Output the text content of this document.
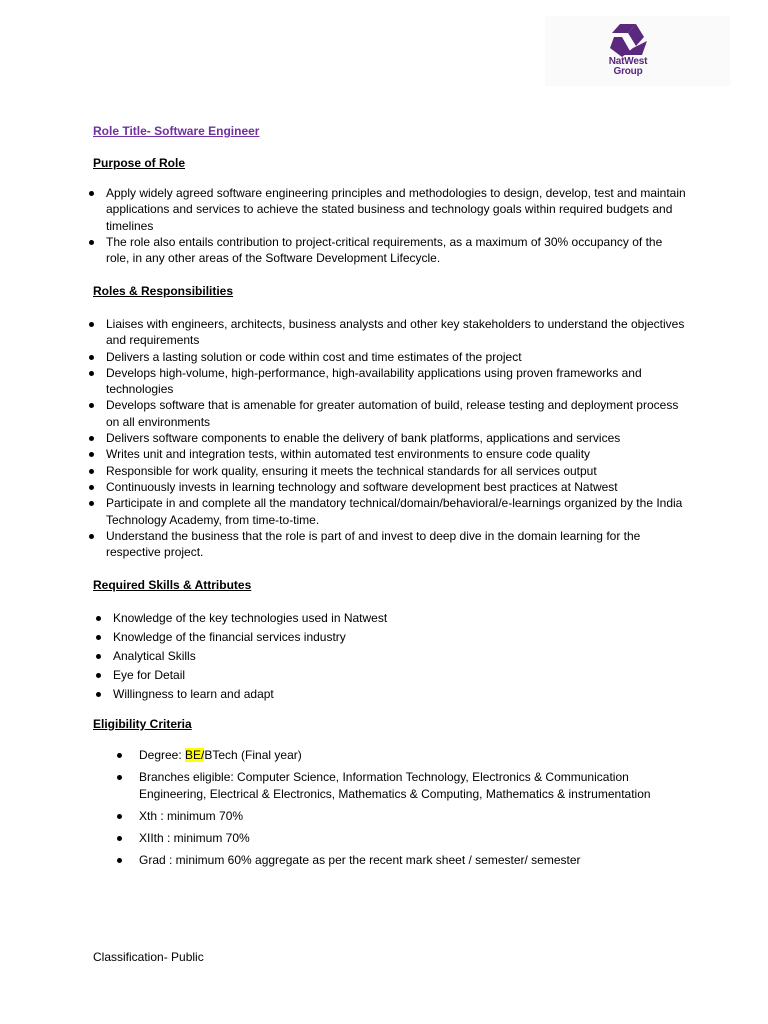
NatWest
Group
Role Title- Software Engineer
Purpose of Role
Apply widely agreed software engineering principles and methodologies to design, develop, test and maintain applications and services to achieve the stated business and technology goals within required budgets and timelines
The role also entails contribution to project-critical requirements, as a maximum of 30% occupancy of the role, in any other areas of the Software Development Lifecycle.
Roles & Responsibilities
Liaises with engineers, architects, business analysts and other key stakeholders to understand the objectives and requirements
Delivers a lasting solution or code within cost and time estimates of the project
Develops high-volume, high-performance, high-availability applications using proven frameworks and technologies
Develops software that is amenable for greater automation of build, release testing and deployment process on all environments
Delivers software components to enable the delivery of bank platforms, applications and services
Writes unit and integration tests, within automated test environments to ensure code quality
Responsible for work quality, ensuring it meets the technical standards for all services output
Continuously invests in learning technology and software development best practices at Natwest
Participate in and complete all the mandatory technical/domain/behavioral/e-learnings organized by the India Technology Academy, from time-to-time.
Understand the business that the role is part of and invest to deep dive in the domain learning for the respective project.
Required Skills & Attributes
Knowledge of the key technologies used in Natwest
Knowledge of the financial services industry
Analytical Skills
Eye for Detail
Willingness to learn and adapt
Eligibility Criteria
Degree: BE/BTech (Final year)
Branches eligible: Computer Science, Information Technology, Electronics & Communication Engineering, Electrical & Electronics, Mathematics & Computing, Mathematics & instrumentation
Xth : minimum 70%
XIIth : minimum 70%
Grad : minimum 60% aggregate as per the recent mark sheet / semester/ semester
Classification- Public
